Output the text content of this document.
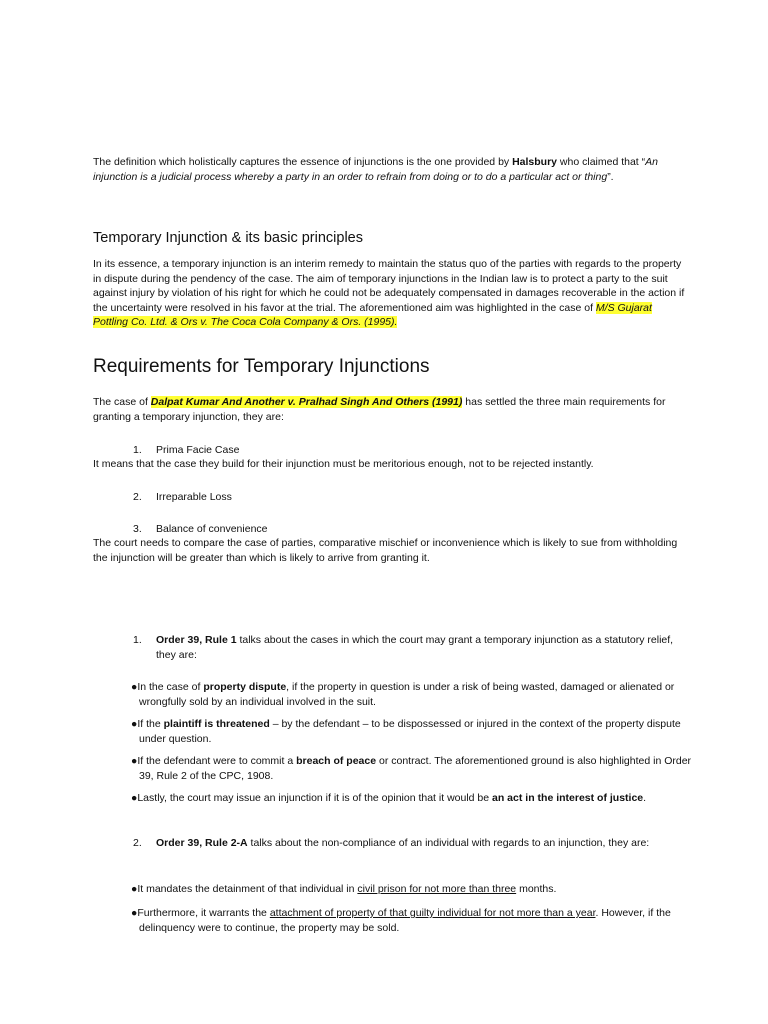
The definition which holistically captures the essence of injunctions is the one provided by Halsbury who claimed that “An injunction is a judicial process whereby a party in an order to refrain from doing or to do a particular act or thing”.
Temporary Injunction & its basic principles
In its essence, a temporary injunction is an interim remedy to maintain the status quo of the parties with regards to the property in dispute during the pendency of the case. The aim of temporary injunctions in the Indian law is to protect a party to the suit against injury by violation of his right for which he could not be adequately compensated in damages recoverable in the action if the uncertainty were resolved in his favor at the trial. The aforementioned aim was highlighted in the case of M/S Gujarat Pottling Co. Ltd. & Ors v. The Coca Cola Company & Ors. (1995).
Requirements for Temporary Injunctions
The case of Dalpat Kumar And Another v. Pralhad Singh And Others (1991) has settled the three main requirements for granting a temporary injunction, they are:
1. Prima Facie Case
It means that the case they build for their injunction must be meritorious enough, not to be rejected instantly.
2. Irreparable Loss
3. Balance of convenience
The court needs to compare the case of parties, comparative mischief or inconvenience which is likely to sue from withholding the injunction will be greater than which is likely to arrive from granting it.
1. Order 39, Rule 1 talks about the cases in which the court may grant a temporary injunction as a statutory relief, they are:
●In the case of property dispute, if the property in question is under a risk of being wasted, damaged or alienated or wrongfully sold by an individual involved in the suit.
●If the plaintiff is threatened – by the defendant – to be dispossessed or injured in the context of the property dispute under question.
●If the defendant were to commit a breach of peace or contract. The aforementioned ground is also highlighted in Order 39, Rule 2 of the CPC, 1908.
●Lastly, the court may issue an injunction if it is of the opinion that it would be an act in the interest of justice.
2. Order 39, Rule 2-A talks about the non-compliance of an individual with regards to an injunction, they are:
●It mandates the detainment of that individual in civil prison for not more than three months.
●Furthermore, it warrants the attachment of property of that guilty individual for not more than a year. However, if the delinquency were to continue, the property may be sold.
